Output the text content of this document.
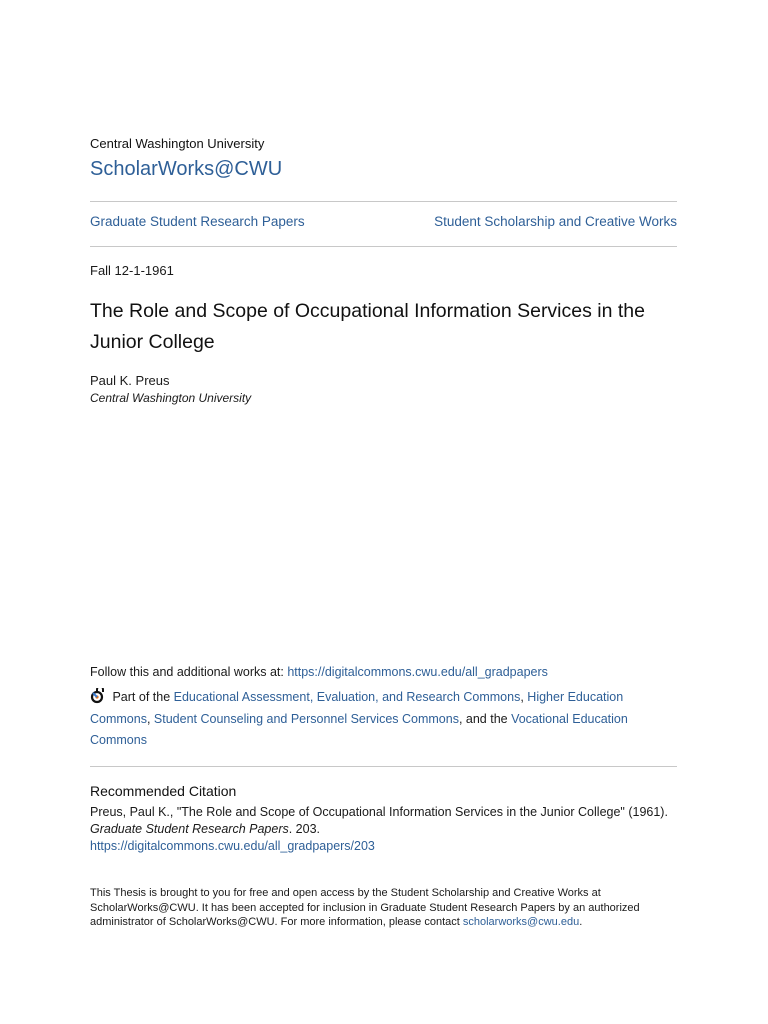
Central Washington University
ScholarWorks@CWU
Graduate Student Research Papers	Student Scholarship and Creative Works
Fall 12-1-1961
The Role and Scope of Occupational Information Services in the Junior College
Paul K. Preus
Central Washington University
Follow this and additional works at: https://digitalcommons.cwu.edu/all_gradpapers
Part of the Educational Assessment, Evaluation, and Research Commons, Higher Education Commons, Student Counseling and Personnel Services Commons, and the Vocational Education Commons
Recommended Citation
Preus, Paul K., "The Role and Scope of Occupational Information Services in the Junior College" (1961).
Graduate Student Research Papers. 203.
https://digitalcommons.cwu.edu/all_gradpapers/203
This Thesis is brought to you for free and open access by the Student Scholarship and Creative Works at ScholarWorks@CWU. It has been accepted for inclusion in Graduate Student Research Papers by an authorized administrator of ScholarWorks@CWU. For more information, please contact scholarworks@cwu.edu.
